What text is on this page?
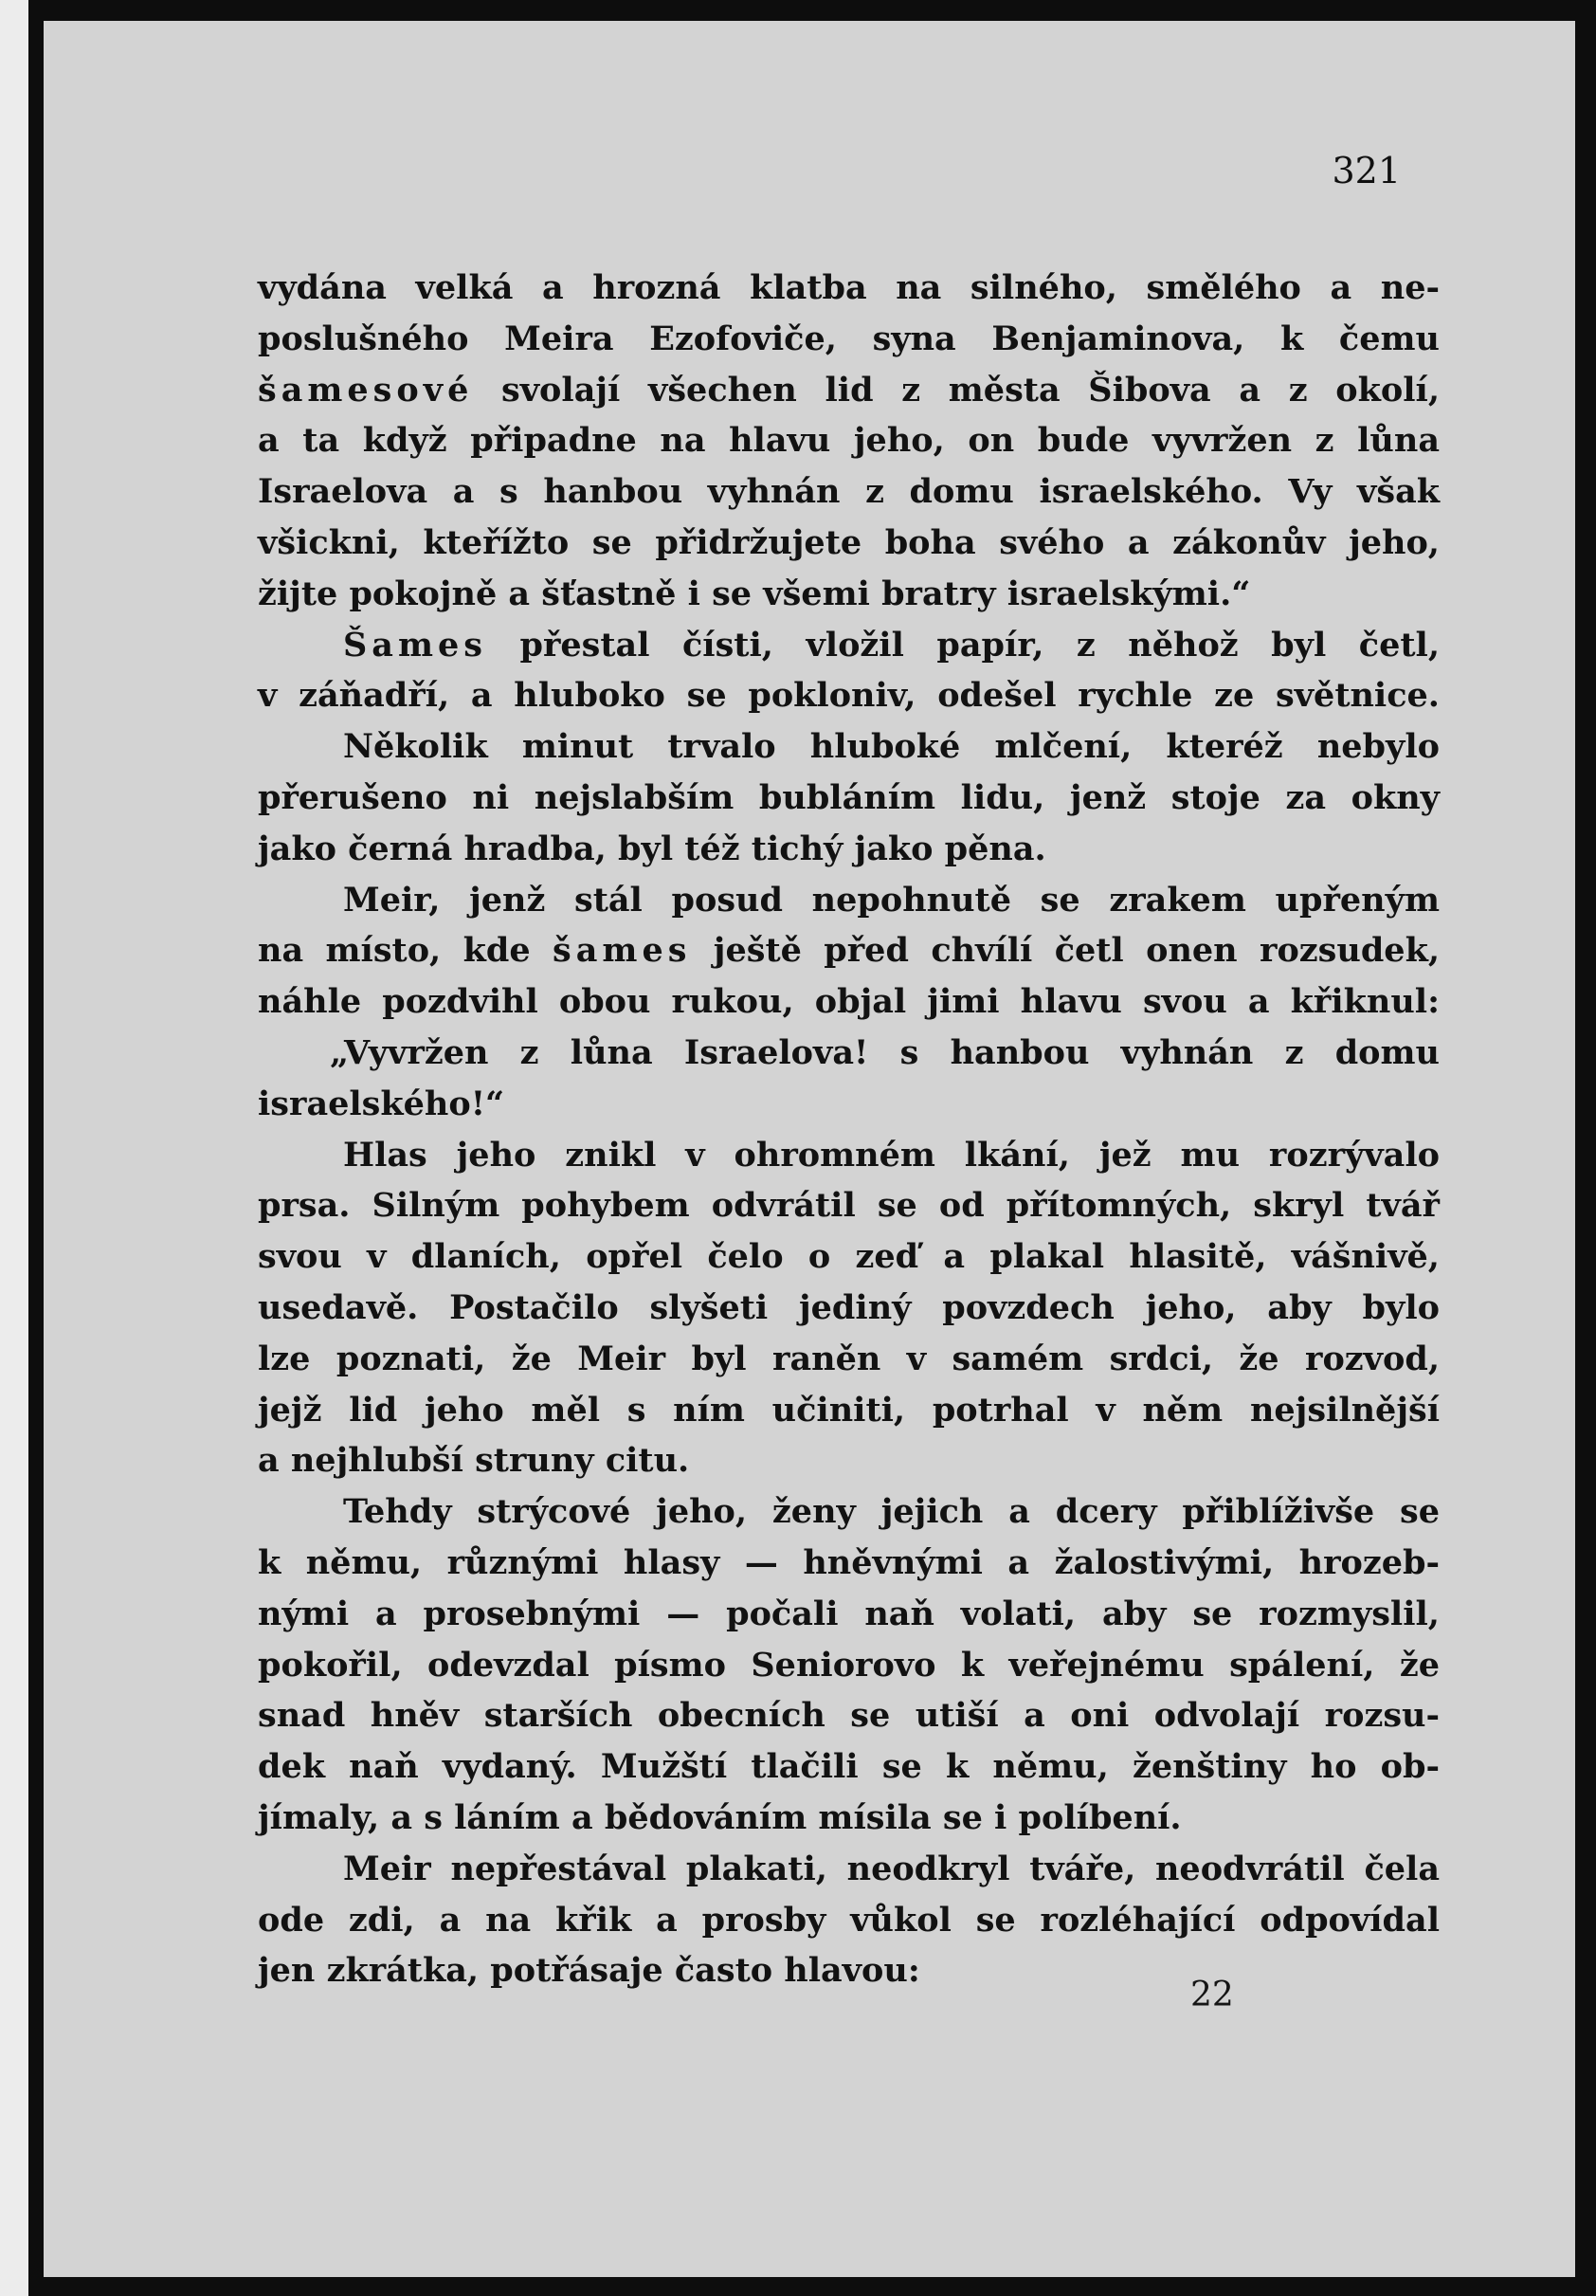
321

vydána velká a hrozná klatba na silného, smělého a ne-
poslušného Meira Ezofoviče, syna Benjaminova, k čemu
šamesové svolají všechen lid z města Šibova a z okolí,
a ta když připadne na hlavu jeho, on bude vyvržen z lůna
Israelova a s hanbou vyhnán z domu israelského. Vy však
všickni, kteřížto se přidržujete boha svého a zákonův jeho,
žijte pokojně a šťastně i se všemi bratry israelskými.“
Šames přestal čísti, vložil papír, z něhož byl četl,
v záňadří, a hluboko se pokloniv, odešel rychle ze světnice.
Několik minut trvalo hluboké mlčení, kteréž nebylo
přerušeno ni nejslabším bubláním lidu, jenž stoje za okny
jako černá hradba, byl též tichý jako pěna.
Meir, jenž stál posud nepohnutě se zrakem upřeným
na místo, kde šames ještě před chvílí četl onen rozsudek,
náhle pozdvihl obou rukou, objal jimi hlavu svou a křiknul:
„Vyvržen z lůna Israelova! s hanbou vyhnán z domu
israelského!“
Hlas jeho znikl v ohromném lkání, jež mu rozrývalo
prsa. Silným pohybem odvrátil se od přítomných, skryl tvář
svou v dlaních, opřel čelo o zeď a plakal hlasitě, vášnivě,
usedavě. Postačilo slyšeti jediný povzdech jeho, aby bylo
lze poznati, že Meir byl raněn v samém srdci, že rozvod,
jejž lid jeho měl s ním učiniti, potrhal v něm nejsilnější
a nejhlubší struny citu.
Tehdy strýcové jeho, ženy jejich a dcery přiblíživše se
k němu, různými hlasy — hněvnými a žalostivými, hrozeb-
nými a prosebnými — počali naň volati, aby se rozmyslil,
pokořil, odevzdal písmo Seniorovo k veřejnému spálení, že
snad hněv starších obecních se utiší a oni odvolají rozsu-
dek naň vydaný. Mužští tlačili se k němu, ženštiny ho ob-
jímaly, a s láním a bědováním mísila se i políbení.
Meir nepřestával plakati, neodkryl tváře, neodvrátil čela
ode zdi, a na křik a prosby vůkol se rozléhající odpovídal
jen zkrátka, potřásaje často hlavou:

22
